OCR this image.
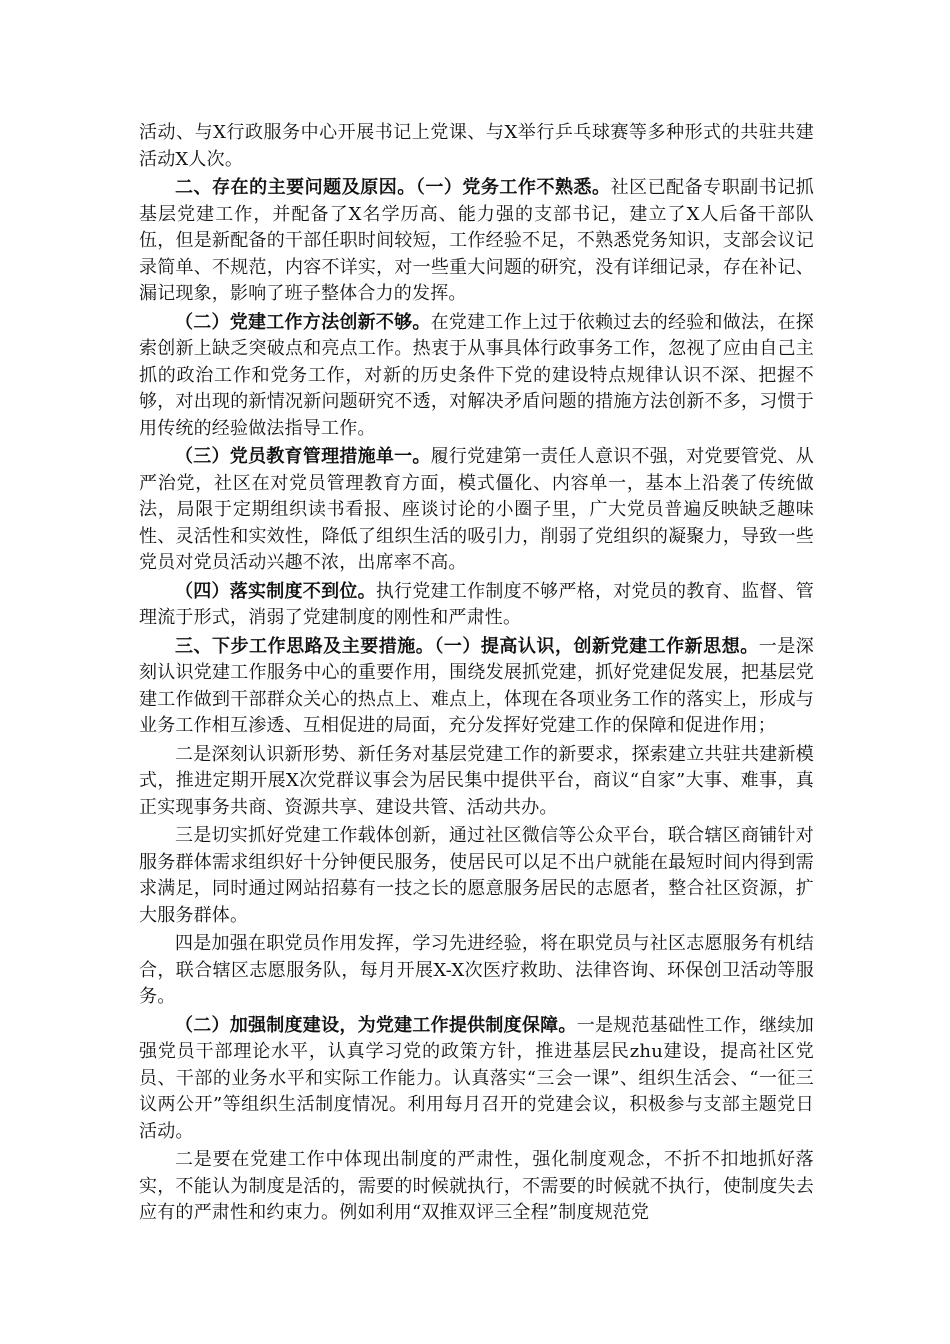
活动、与X行政服务中心开展书记上党课、与X举行乒乓球赛等多种形式的共驻共建活动X人次。

二、存在的主要问题及原因。（一）党务工作不熟悉。社区已配备专职副书记抓基层党建工作，并配备了X名学历高、能力强的支部书记，建立了X人后备干部队伍，但是新配备的干部任职时间较短，工作经验不足，不熟悉党务知识，支部会议记录简单、不规范，内容不详实，对一些重大问题的研究，没有详细记录，存在补记、漏记现象，影响了班子整体合力的发挥。

（二）党建工作方法创新不够。在党建工作上过于依赖过去的经验和做法，在探索创新上缺乏突破点和亮点工作。热衷于从事具体行政事务工作，忽视了应由自己主抓的政治工作和党务工作，对新的历史条件下党的建设特点规律认识不深、把握不够，对出现的新情况新问题研究不透，对解决矛盾问题的措施方法创新不多，习惯于用传统的经验做法指导工作。

（三）党员教育管理措施单一。履行党建第一责任人意识不强，对党要管党、从严治党，社区在对党员管理教育方面，模式僵化、内容单一，基本上沿袭了传统做法，局限于定期组织读书看报、座谈讨论的小圈子里，广大党员普遍反映缺乏趣味性、灵活性和实效性，降低了组织生活的吸引力，削弱了党组织的凝聚力，导致一些党员对党员活动兴趣不浓，出席率不高。

（四）落实制度不到位。执行党建工作制度不够严格，对党员的教育、监督、管理流于形式，消弱了党建制度的刚性和严肃性。

三、下步工作思路及主要措施。（一）提高认识，创新党建工作新思想。一是深刻认识党建工作服务中心的重要作用，围绕发展抓党建，抓好党建促发展，把基层党建工作做到干部群众关心的热点上、难点上，体现在各项业务工作的落实上，形成与业务工作相互渗透、互相促进的局面，充分发挥好党建工作的保障和促进作用；

二是深刻认识新形势、新任务对基层党建工作的新要求，探索建立共驻共建新模式，推进定期开展X次党群议事会为居民集中提供平台，商议“自家”大事、难事，真正实现事务共商、资源共享、建设共管、活动共办。

三是切实抓好党建工作载体创新，通过社区微信等公众平台，联合辖区商铺针对服务群体需求组织好十分钟便民服务，使居民可以足不出户就能在最短时间内得到需求满足，同时通过网站招募有一技之长的愿意服务居民的志愿者，整合社区资源，扩大服务群体。

四是加强在职党员作用发挥，学习先进经验，将在职党员与社区志愿服务有机结合，联合辖区志愿服务队，每月开展X-X次医疗救助、法律咨询、环保创卫活动等服务。

（二）加强制度建设，为党建工作提供制度保障。一是规范基础性工作，继续加强党员干部理论水平，认真学习党的政策方针，推进基层民zhu建设，提高社区党员、干部的业务水平和实际工作能力。认真落实“三会一课”、组织生活会、“一征三议两公开”等组织生活制度情况。利用每月召开的党建会议，积极参与支部主题党日活动。

二是要在党建工作中体现出制度的严肃性，强化制度观念，不折不扣地抓好落实，不能认为制度是活的，需要的时候就执行，不需要的时候就不执行，使制度失去应有的严肃性和约束力。例如利用“双推双评三全程”制度规范党
